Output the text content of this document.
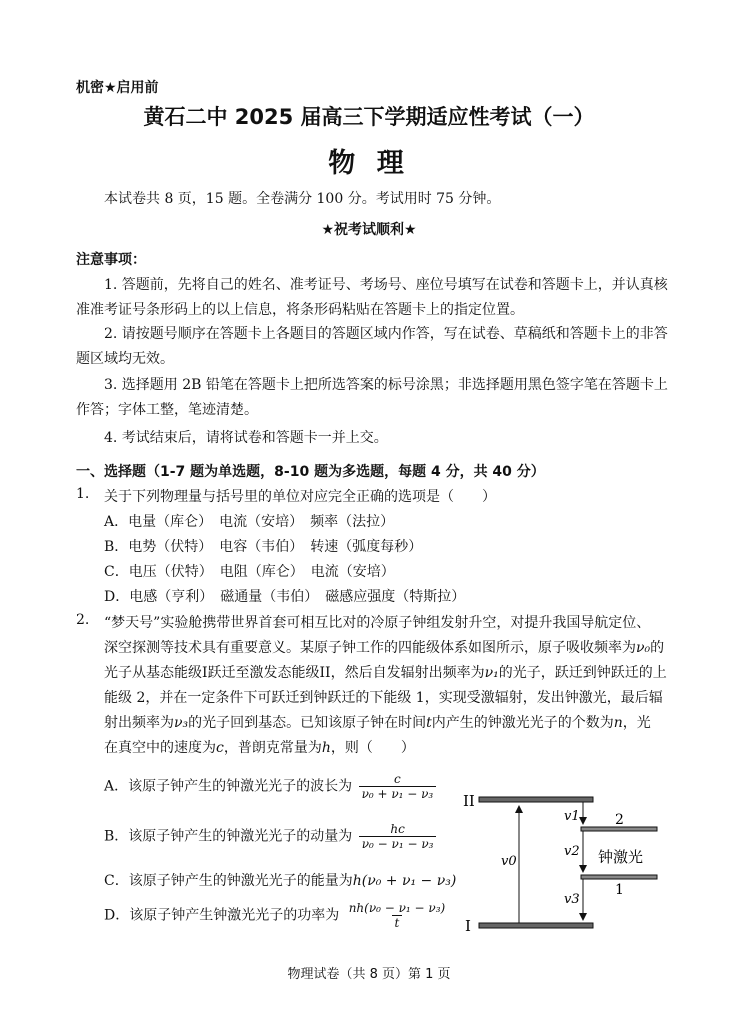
机密★启用前
黄石二中 2025 届高三下学期适应性考试（一）
物 理
本试卷共 8 页，15 题。全卷满分 100 分。考试用时 75 分钟。
★祝考试顺利★
注意事项：
1. 答题前，先将自己的姓名、准考证号、考场号、座位号填写在试卷和答题卡上，并认真核
准准考证号条形码上的以上信息，将条形码粘贴在答题卡上的指定位置。
2. 请按题号顺序在答题卡上各题目的答题区域内作答，写在试卷、草稿纸和答题卡上的非答
题区域均无效。
3. 选择题用 2B 铅笔在答题卡上把所选答案的标号涂黑；非选择题用黑色签字笔在答题卡上
作答；字体工整，笔迹清楚。
4. 考试结束后，请将试卷和答题卡一并上交。
一、选择题（1-7 题为单选题，8-10 题为多选题，每题 4 分，共 40 分）
1. 关于下列物理量与括号里的单位对应完全正确的选项是（　　）
A．电量（库仑）　电流（安培）　频率（法拉）
B．电势（伏特）　电容（韦伯）　转速（弧度每秒）
C．电压（伏特）　电阻（库仑）　电流（安培）
D．电感（亨利）　磁通量（韦伯）　磁感应强度（特斯拉）
2. “梦天号”实验舱携带世界首套可相互比对的冷原子钟组发射升空，对提升我国导航定位、
深空探测等技术具有重要意义。某原子钟工作的四能级体系如图所示，原子吸收频率为ν₀的
光子从基态能级I跃迁至激发态能级II，然后自发辐射出频率为ν₁的光子，跃迁到钟跃迁的上
能级 2，并在一定条件下可跃迁到钟跃迁的下能级 1，实现受激辐射，发出钟激光，最后辐
射出频率为ν₃的光子回到基态。已知该原子钟在时间t内产生的钟激光光子的个数为n，光
在真空中的速度为c，普朗克常量为h，则（　　）
A．该原子钟产生的钟激光光子的波长为 $\frac{c}{\text{ν₀ + ν₁ − ν₃}}$
B．该原子钟产生的钟激光光子的动量为 $\frac{hc}{\text{ν₀ − ν₁ − ν₃}}$
C．该原子钟产生的钟激光光子的能量为h(ν₀ + ν₁ − ν₃)
D．该原子钟产生钟激光光子的功率为 $\frac{\text{nh(ν₀ − ν₁ − ν₃)}}{t}$
II
I
2
1
v0
v1
v2
v3
钟激光
物理试卷（共 8 页）第 1 页
